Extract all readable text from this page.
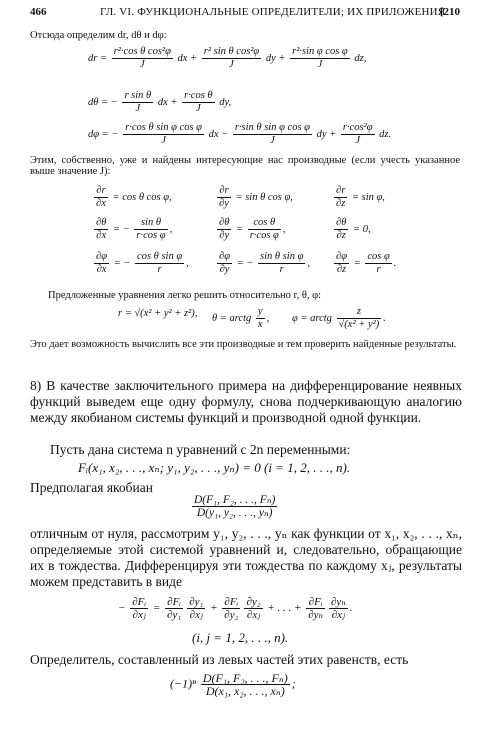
466	ГЛ. VI. ФУНКЦИОНАЛЬНЫЕ ОПРЕДЕЛИТЕЛИ; ИХ ПРИЛОЖЕНИЯ
[210
Отсюда определим dr, dθ и dφ:
dr = $\frac{\text{r²·cos θ cos²φ}}{J}$ dx + $\frac{\text{r² sin θ cos²φ}}{J}$ dy + $\frac{\text{r²·sin φ cos φ}}{J}$ dz,
dθ = − $\frac{\text{r sin θ}}{J}$ dx + $\frac{\text{r·cos θ}}{J}$ dy,
dφ = − $\frac{\text{r·cos θ sin φ cos φ}}{J}$ dx − $\frac{\text{r·sin θ sin φ cos φ}}{J}$ dy + $\frac{\text{r·cos²φ}}{J}$ dz.
Этим, собственно, уже и найдены интересующие нас производные (если учесть указанное выше значение J):
$\frac{\partial r}{\partial x} = \cos \theta$ cos φ,	$\frac{\partial r}{\partial y} = \sin \theta$ cos φ,	$\frac{\partial r}{\partial z} = \sin \varphi$,
$\frac{\partial\theta}{\partial x}$ = − $\frac{\text{sin θ}}{\text{r·cos φ}}$ ,	$\frac{\partial\theta}{\partial y} = \frac{\text{cos θ}}{\text{r·cos φ}}$ ,	$\frac{\partial\theta}{\partial z} = 0$,
$\frac{\partial\varphi}{\partial x}$ = − $\frac{\text{cos θ sin φ}}{r}$ ,	$\frac{\partial\varphi}{\partial y}$ = − $\frac{\text{sin θ sin φ}}{r}$ , $\frac{\partial\varphi}{\partial z} = \frac{\text{cos φ}}{r}$ .
Предложенные уравнения легко решить относительно r, θ, φ:
r = √(x² + y² + z²), θ = arctg $\frac{y}{x}$ , φ = arctg $\frac{z}{\text{√(x² + y²)}}$ .
Это дает возможность вычислить все эти производные и тем проверить найденные результаты.
8) В качестве заключительного примера на дифференцирование неявных функций выведем еще одну формулу, снова подчеркивающую аналогию между якобианом системы функций и производной одной функции.
Пусть дана система n уравнений с 2n переменными:
Fᵢ(x₁, x₂, . . ., xₙ; y₁, y₂, . . ., yₙ) = 0 (i = 1, 2, . . ., n).
Предполагая якобиан
$\frac{\text{D(F₁, F₂, . . ., Fₙ)}}{\text{D(y₁, y₂, . . ., yₙ)}}$
отличным от нуля, рассмотрим y₁, y₂, . . ., yₙ как функции от x₁, x₂, . . ., xₙ, определяемые этой системой уравнений и, следовательно, обращающие их в тождества. Дифференцируя эти тождества по каждому xⱼ, результаты можем представить в виде
− $\frac{\text{∂Fᵢ}}{\text{∂xⱼ}} = \frac{\text{∂Fᵢ}}{\text{∂y₁}} \frac{\text{∂y₁}}{\text{∂xⱼ}} + \frac{\text{∂Fᵢ}}{\text{∂y₂}} \frac{\text{∂y₂}}{\text{∂xⱼ}}$ + . . . + $\frac{\text{∂Fᵢ}}{\text{∂yₙ}} \frac{\text{∂yₙ}}{\text{∂xⱼ}}$ .
(i, j = 1, 2, . . ., n).
Определитель, составленный из левых частей этих равенств, есть
$(-1)^n \frac{\text{D(F₁, F₂, . . ., Fₙ)}}{\text{D(x₁, x₂, . . ., xₙ)}}$ ;
